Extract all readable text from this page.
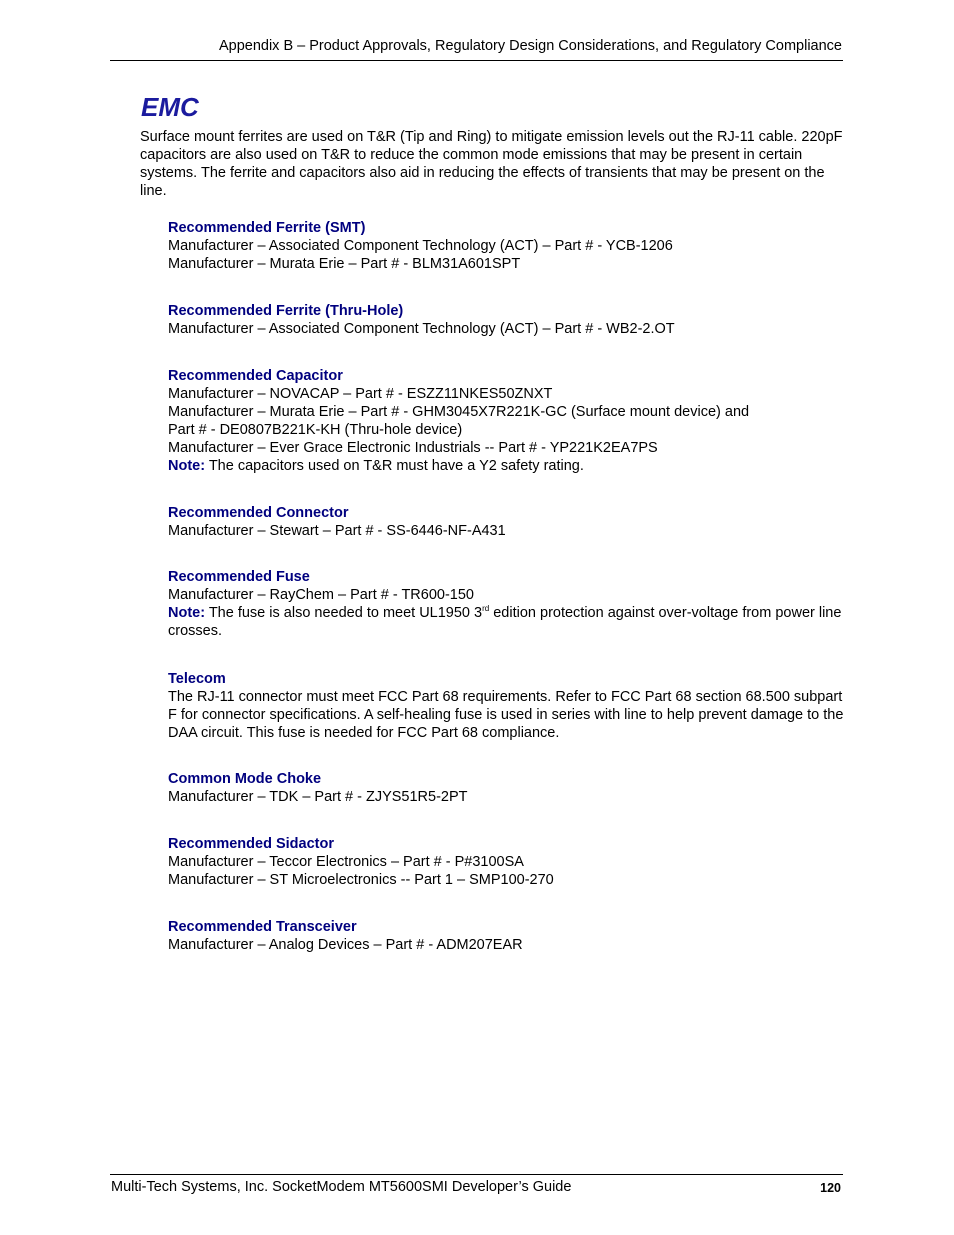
Appendix B – Product Approvals, Regulatory Design Considerations, and Regulatory Compliance
EMC

Surface mount ferrites are used on T&R (Tip and Ring) to mitigate emission levels out the RJ-11 cable. 220pF capacitors are also used on T&R to reduce the common mode emissions that may be present in certain systems. The ferrite and capacitors also aid in reducing the effects of transients that may be present on the line.

Recommended Ferrite (SMT)

Manufacturer – Associated Component Technology (ACT) – Part # - YCB-1206

Manufacturer – Murata Erie – Part # - BLM31A601SPT

Recommended Ferrite (Thru-Hole)

Manufacturer – Associated Component Technology (ACT) – Part # - WB2-2.OT

Recommended Capacitor

Manufacturer – NOVACAP – Part # - ESZZ11NKES50ZNXT

Manufacturer – Murata Erie – Part # - GHM3045X7R221K-GC (Surface mount device) and

Part # - DE0807B221K-KH (Thru-hole device)

Manufacturer – Ever Grace Electronic Industrials -- Part # - YP221K2EA7PS

Note: The capacitors used on T&R must have a Y2 safety rating.

Recommended Connector

Manufacturer – Stewart – Part # - SS-6446-NF-A431

Recommended Fuse

Manufacturer – RayChem – Part # - TR600-150

Note: The fuse is also needed to meet UL1950 3rd edition protection against over-voltage from power line crosses.

Telecom

The RJ-11 connector must meet FCC Part 68 requirements. Refer to FCC Part 68 section 68.500 subpart F for connector specifications. A self-healing fuse is used in series with line to help prevent damage to the DAA circuit. This fuse is needed for FCC Part 68 compliance.

Common Mode Choke

Manufacturer – TDK – Part # - ZJYS51R5-2PT

Recommended Sidactor

Manufacturer – Teccor Electronics – Part # - P#3100SA

Manufacturer – ST Microelectronics -- Part 1 – SMP100-270

Recommended Transceiver

Manufacturer – Analog Devices – Part # - ADM207EAR

Multi-Tech Systems, Inc. SocketModem MT5600SMI Developer’s Guide	120
